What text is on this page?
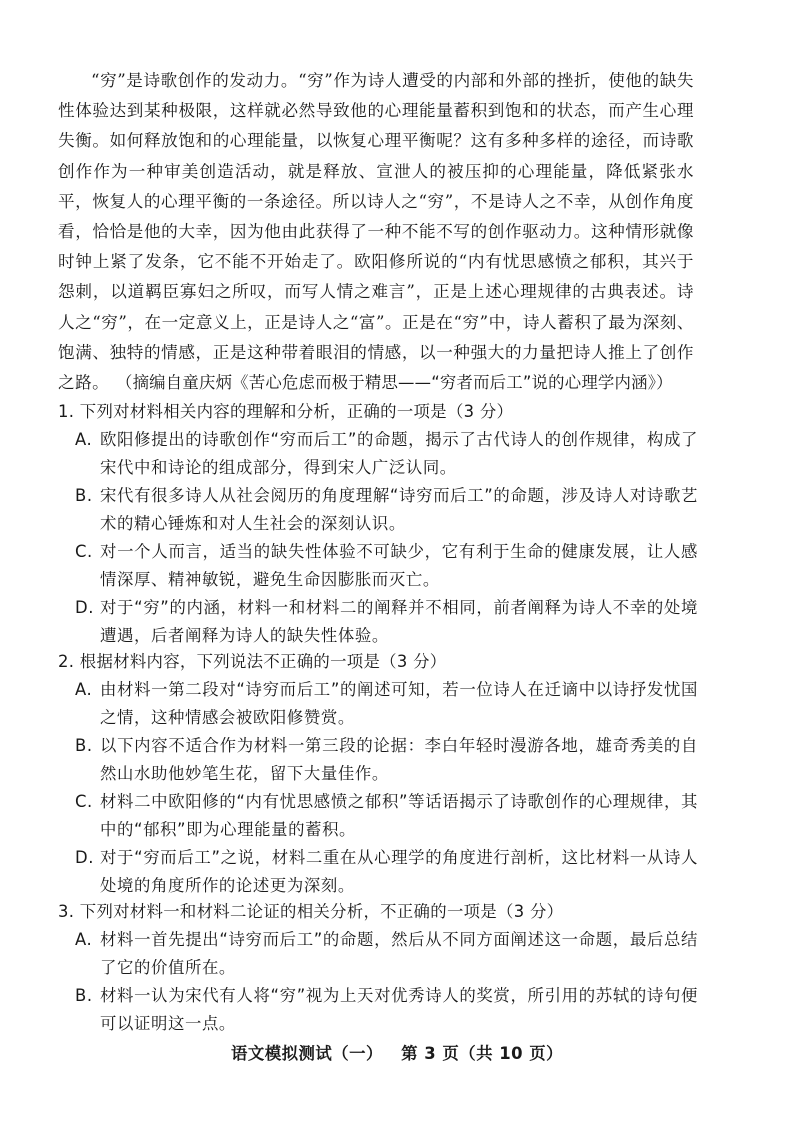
“穷”是诗歌创作的发动力。“穷”作为诗人遭受的内部和外部的挫折，使他的缺失性体验达到某种极限，这样就必然导致他的心理能量蓄积到饱和的状态，而产生心理失衡。如何释放饱和的心理能量，以恢复心理平衡呢？这有多种多样的途径，而诗歌创作作为一种审美创造活动，就是释放、宣泄人的被压抑的心理能量，降低紧张水平，恢复人的心理平衡的一条途径。所以诗人之“穷”，不是诗人之不幸，从创作角度看，恰恰是他的大幸，因为他由此获得了一种不能不写的创作驱动力。这种情形就像时钟上紧了发条，它不能不开始走了。欧阳修所说的“内有忧思感愤之郁积，其兴于怨刺，以道羁臣寡妇之所叹，而写人情之难言”，正是上述心理规律的古典表述。诗人之“穷”，在一定意义上，正是诗人之“富”。正是在“穷”中，诗人蓄积了最为深刻、饱满、独特的情感，正是这种带着眼泪的情感，以一种强大的力量把诗人推上了创作之路。 （摘编自童庆炳《苦心危虑而极于精思——“穷者而后工”说的心理学内涵》）
1. 下列对材料相关内容的理解和分析，正确的一项是（3 分）
A. 欧阳修提出的诗歌创作“穷而后工”的命题，揭示了古代诗人的创作规律，构成了宋代中和诗论的组成部分，得到宋人广泛认同。
B. 宋代有很多诗人从社会阅历的角度理解“诗穷而后工”的命题，涉及诗人对诗歌艺术的精心锤炼和对人生社会的深刻认识。
C. 对一个人而言，适当的缺失性体验不可缺少，它有利于生命的健康发展，让人感情深厚、精神敏锐，避免生命因膨胀而灭亡。
D. 对于“穷”的内涵，材料一和材料二的阐释并不相同，前者阐释为诗人不幸的处境遭遇，后者阐释为诗人的缺失性体验。
2. 根据材料内容，下列说法不正确的一项是（3 分）
A. 由材料一第二段对“诗穷而后工”的阐述可知，若一位诗人在迁谪中以诗抒发忧国之情，这种情感会被欧阳修赞赏。
B. 以下内容不适合作为材料一第三段的论据：李白年轻时漫游各地，雄奇秀美的自然山水助他妙笔生花，留下大量佳作。
C. 材料二中欧阳修的“内有忧思感愤之郁积”等话语揭示了诗歌创作的心理规律，其中的“郁积”即为心理能量的蓄积。
D. 对于“穷而后工”之说，材料二重在从心理学的角度进行剖析，这比材料一从诗人处境的角度所作的论述更为深刻。
3. 下列对材料一和材料二论证的相关分析，不正确的一项是（3 分）
A. 材料一首先提出“诗穷而后工”的命题，然后从不同方面阐述这一命题，最后总结了它的价值所在。
B. 材料一认为宋代有人将“穷”视为上天对优秀诗人的奖赏，所引用的苏轼的诗句便可以证明这一点。
语文模拟测试（一） 第 3 页（共 10 页）
